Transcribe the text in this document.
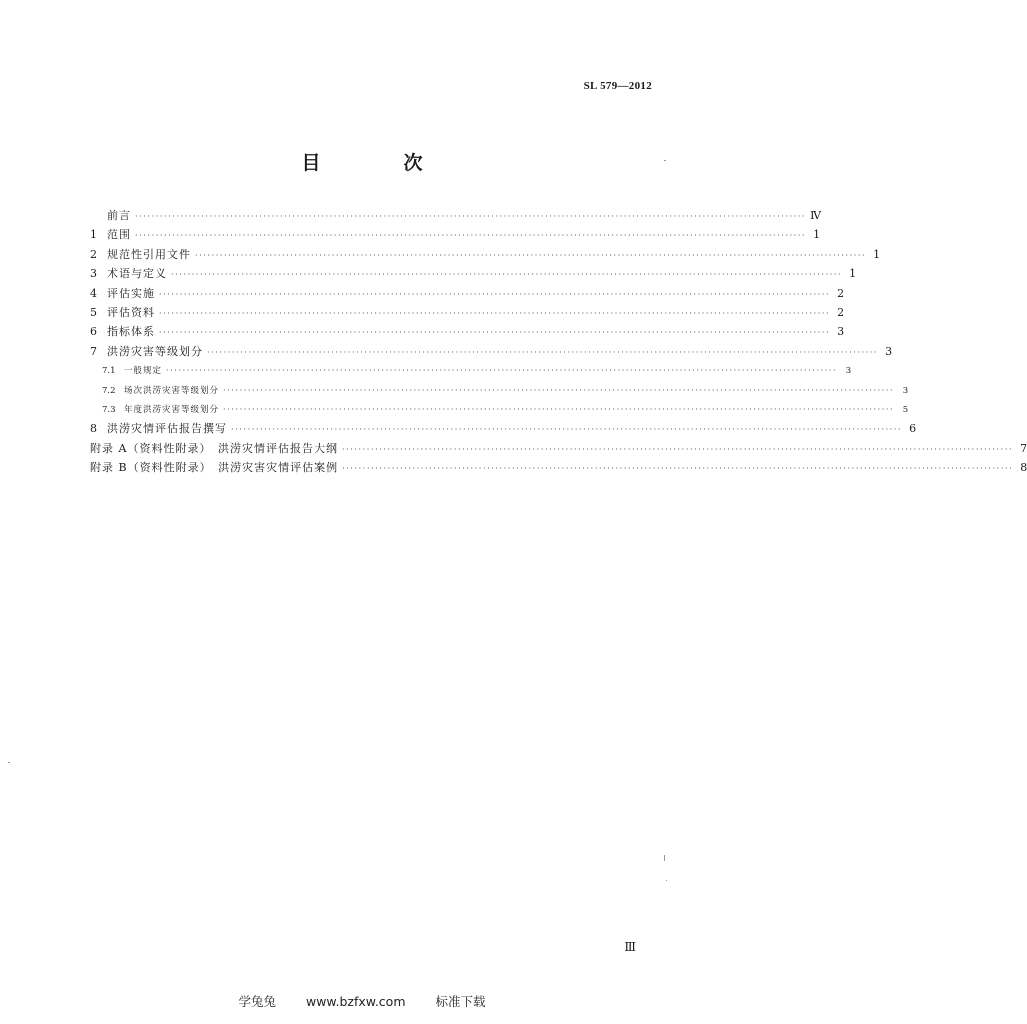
SL 579—2012
目　次
前言 ·································································································································································· Ⅳ
1 范围 ·································································································································································· 1
2 规范性引用文件 ·································································································································································· 1
3 术语与定义 ·································································································································································· 1
4 评估实施 ·································································································································································· 2
5 评估资料 ·································································································································································· 2
6 指标体系 ·································································································································································· 3
7 洪涝灾害等级划分 ·································································································································································· 3
7.1 一般规定 ··································································································································································	3
7.2 场次洪涝灾害等级划分 ··································································································································································	3
7.3 年度洪涝灾害等级划分 ··································································································································································	5
8 洪涝灾情评估报告撰写 ·································································································································································· 6
附录 A（资料性附录）　洪涝灾情评估报告大纲 ·································································································································································· 7
附录 B（资料性附录）　洪涝灾害灾情评估案例 ·································································································································································· 8
Ⅲ
学兔兔 www.bzfxw.com 标准下载
